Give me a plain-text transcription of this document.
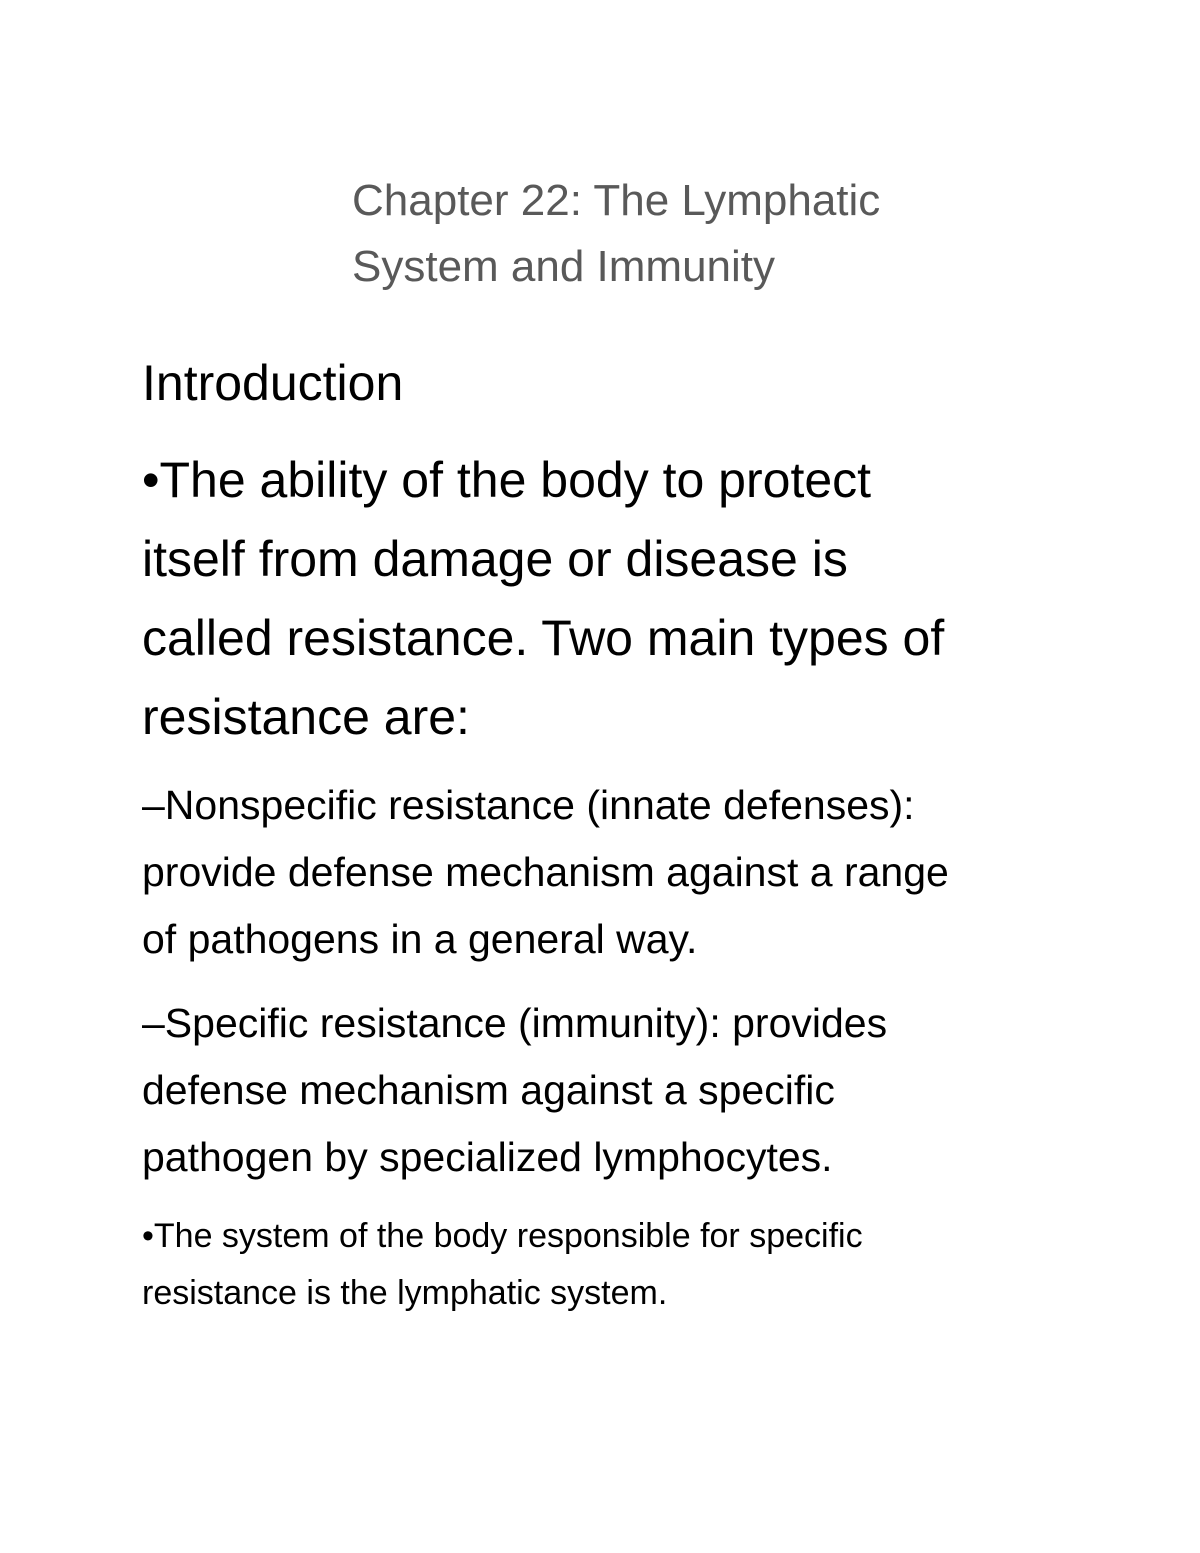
Chapter 22: The Lymphatic
System and Immunity
Introduction

•The ability of the body to protect

itself from damage or disease is

called resistance. Two main types of

resistance are:

–Nonspecific resistance (innate defenses):

provide defense mechanism against a range

of pathogens in a general way.

–Specific resistance (immunity): provides

defense mechanism against a specific

pathogen by specialized lymphocytes.

•The system of the body responsible for specific

resistance is the lymphatic system.
